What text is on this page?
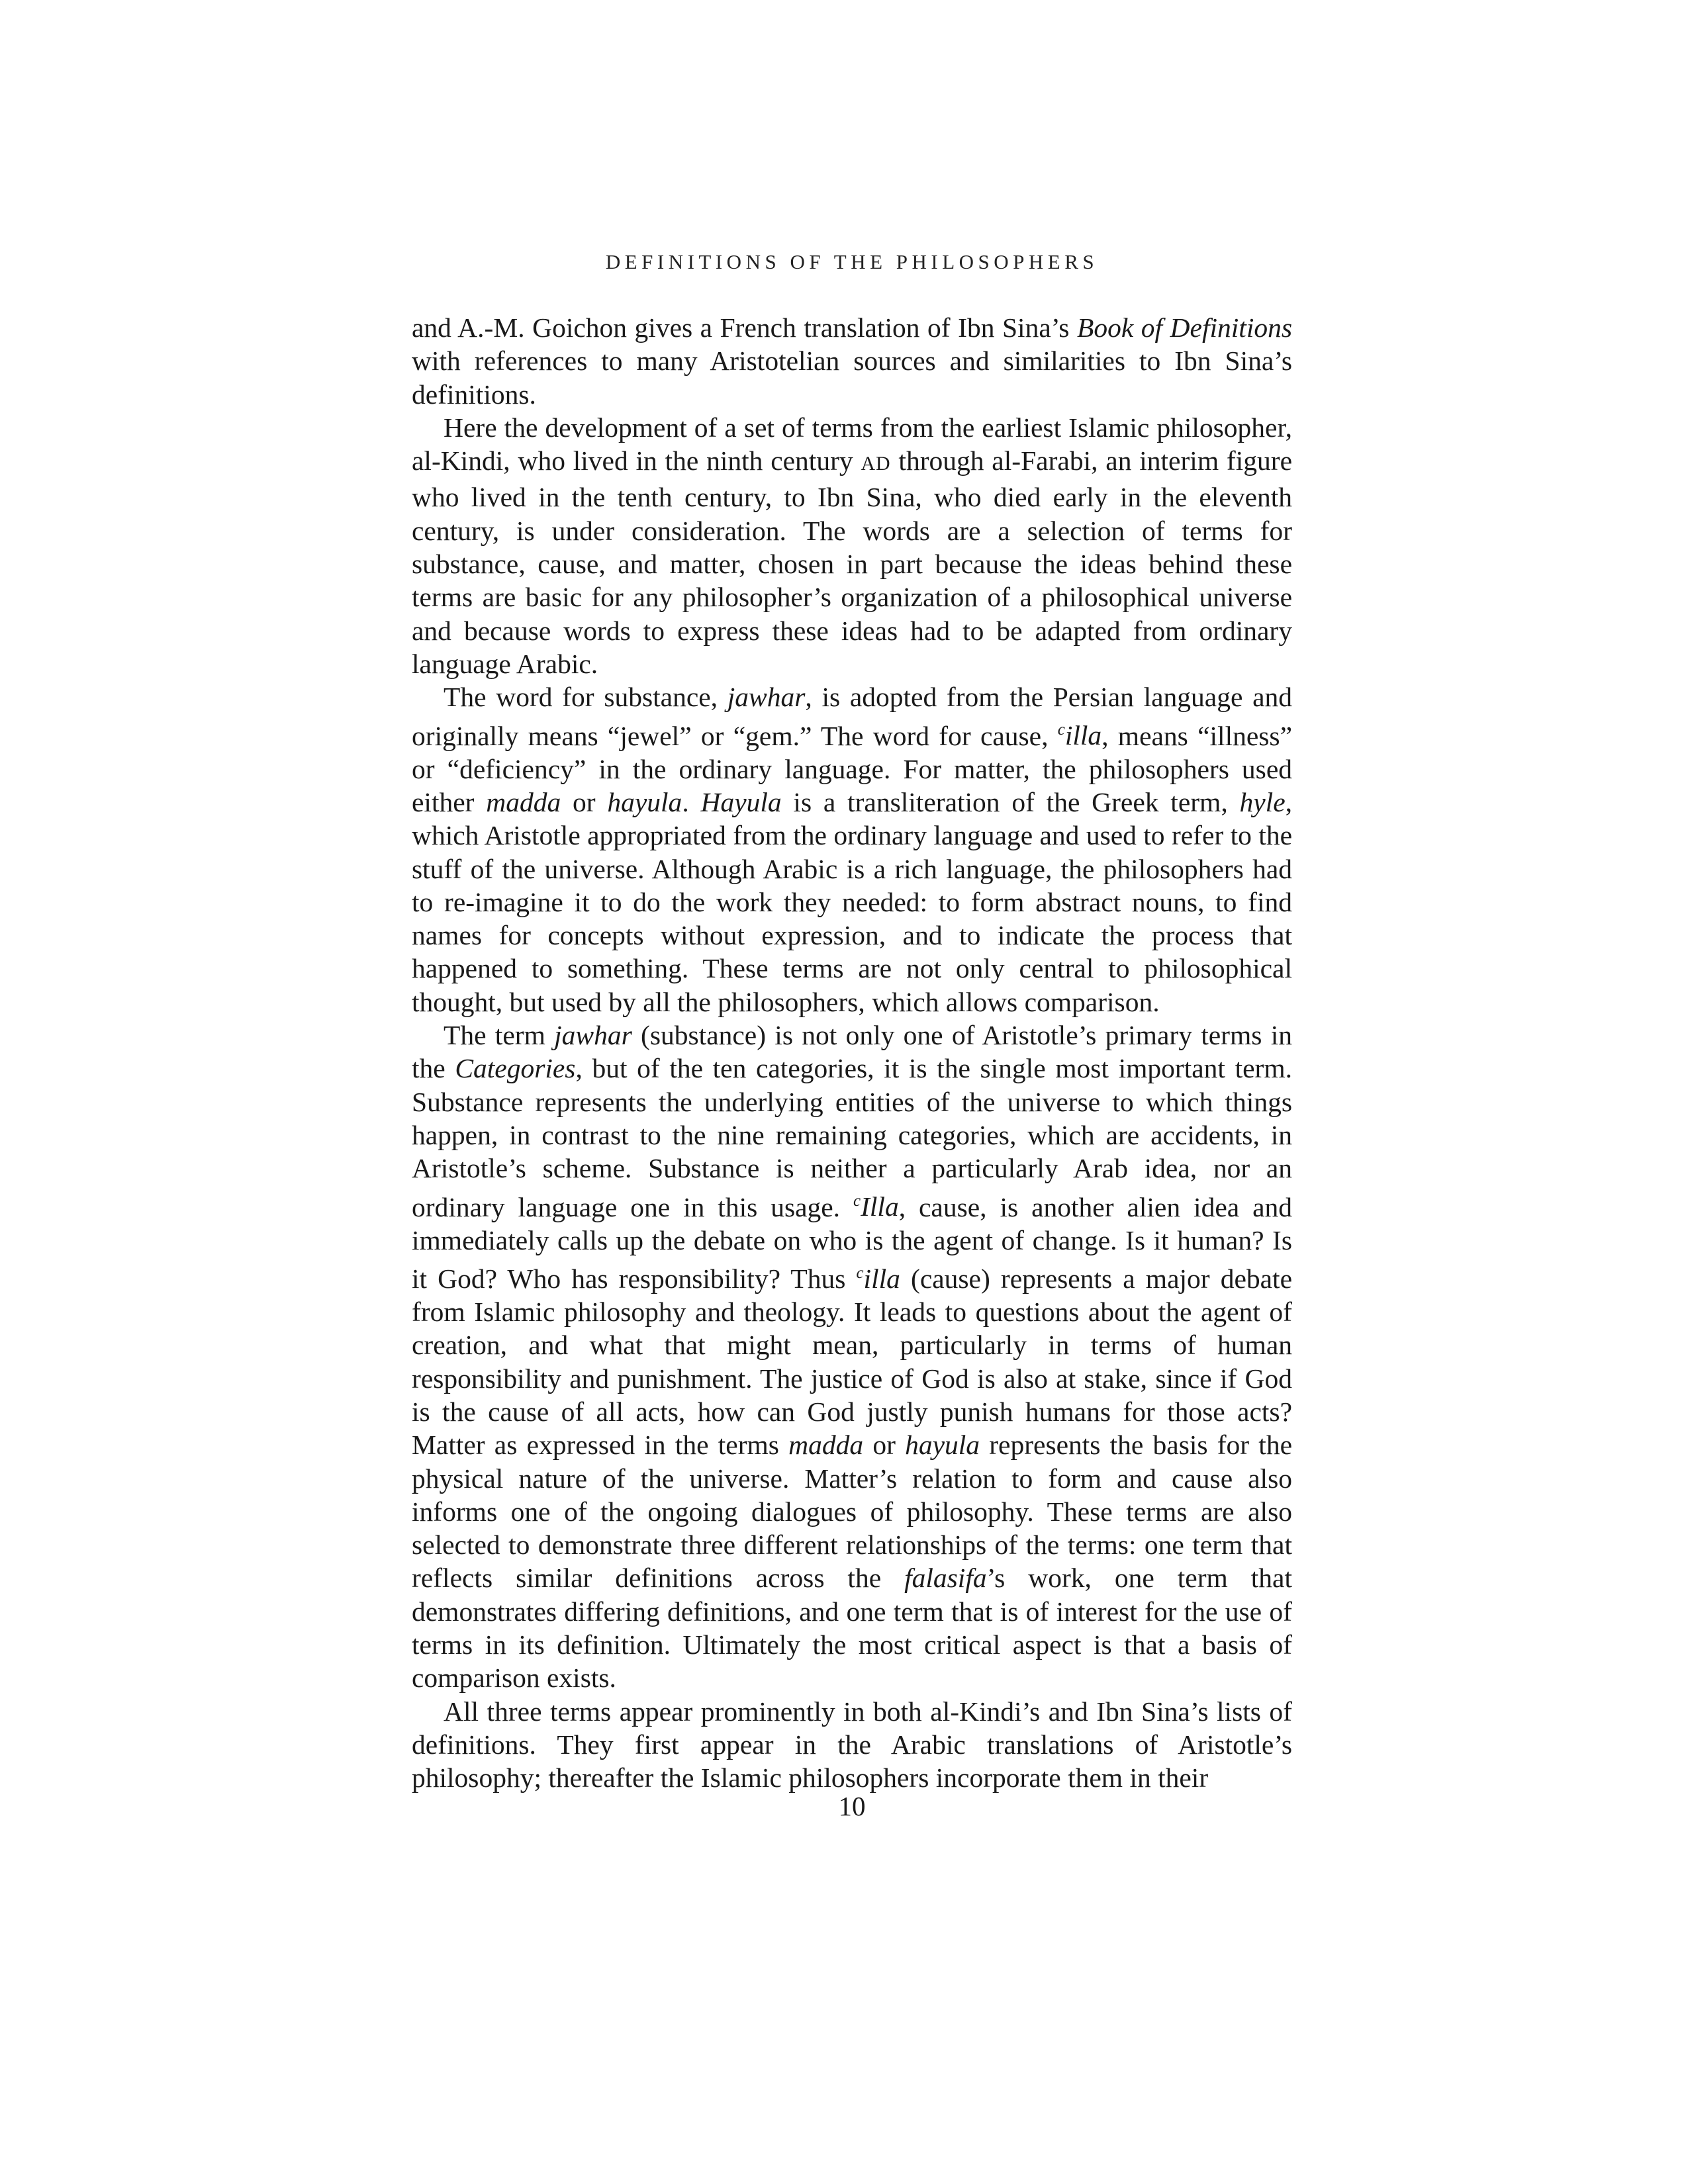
DEFINITIONS OF THE PHILOSOPHERS

and A.-M. Goichon gives a French translation of Ibn Sina’s Book of Definitions with references to many Aristotelian sources and similarities to Ibn Sina’s definitions.

Here the development of a set of terms from the earliest Islamic philosopher, al-Kindi, who lived in the ninth century AD through al-Farabi, an interim figure who lived in the tenth century, to Ibn Sina, who died early in the eleventh century, is under consideration. The words are a selection of terms for substance, cause, and matter, chosen in part because the ideas behind these terms are basic for any philosopher’s organization of a philosophical universe and because words to express these ideas had to be adapted from ordinary language Arabic.

The word for substance, jawhar, is adopted from the Persian language and originally means “jewel” or “gem.” The word for cause, $^c$illa, means “illness” or “deficiency” in the ordinary language. For matter, the philosophers used either madda or hayula. Hayula is a transliteration of the Greek term, hyle, which Aristotle appropriated from the ordinary language and used to refer to the stuff of the universe. Although Arabic is a rich language, the philosophers had to re-imagine it to do the work they needed: to form abstract nouns, to find names for concepts without expression, and to indicate the process that happened to something. These terms are not only central to philosophical thought, but used by all the philosophers, which allows comparison.

The term jawhar (substance) is not only one of Aristotle’s primary terms in the Categories, but of the ten categories, it is the single most important term. Substance represents the underlying entities of the universe to which things happen, in contrast to the nine remaining categories, which are accidents, in Aristotle’s scheme. Substance is neither a particularly Arab idea, nor an ordinary language one in this usage. $^c$Illa, cause, is another alien idea and immediately calls up the debate on who is the agent of change. Is it human? Is it God? Who has responsibility? Thus $^c$illa (cause) represents a major debate from Islamic philosophy and theology. It leads to questions about the agent of creation, and what that might mean, particularly in terms of human responsibility and punishment. The justice of God is also at stake, since if God is the cause of all acts, how can God justly punish humans for those acts? Matter as expressed in the terms madda or hayula represents the basis for the physical nature of the universe. Matter’s relation to form and cause also informs one of the ongoing dialogues of philosophy. These terms are also selected to demonstrate three different relationships of the terms: one term that reflects similar definitions across the falasifa’s work, one term that demonstrates differing definitions, and one term that is of interest for the use of terms in its definition. Ultimately the most critical aspect is that a basis of comparison exists.

All three terms appear prominently in both al-Kindi’s and Ibn Sina’s lists of definitions. They first appear in the Arabic translations of Aristotle’s philosophy; thereafter the Islamic philosophers incorporate them in their

10
